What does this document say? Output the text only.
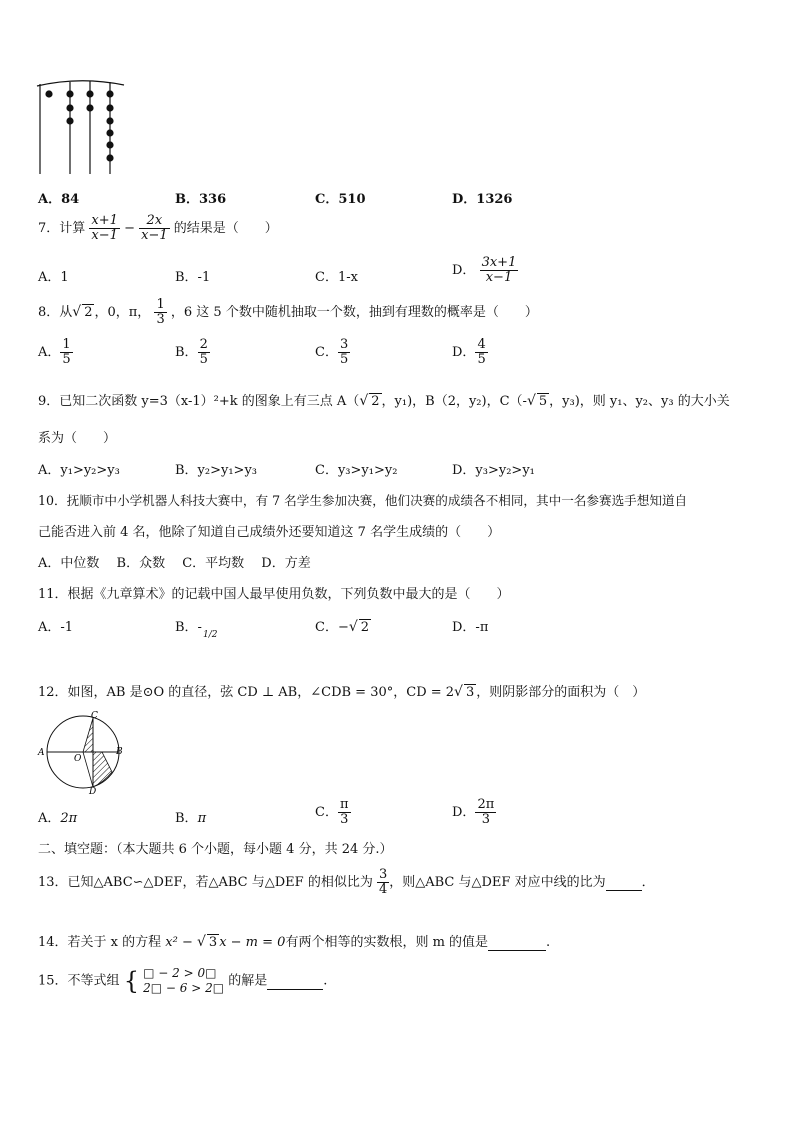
A．84	B．336	C．510	D．1326
7．计算 $\frac{x+1}{x-1} - \frac{2x}{x-1}$ 的结果是（　　）
A．1	B．-1	C．1-x	D． $\frac{3x+1}{x-1}$
8．从√ 2 ，0，π， $\frac{1}{3}$ ，6 这 5 个数中随机抽取一个数，抽到有理数的概率是（　　）
A． $\frac{1}{5}$	B． $\frac{2}{5}$	C． $\frac{3}{5}$	D． $\frac{4}{5}$
9．已知二次函数 y=3（x-1）²+k 的图象上有三点 A（√ 2 ，y₁)，B（2，y₂)，C（-√ 5 ，y₃)，则 y₁、y₂、y₃ 的大小关
系为（　　）
A．y₁>y₂>y₃	B．y₂>y₁>y₃	C．y₃>y₁>y₂	D．y₃>y₂>y₁
10．抚顺市中小学机器人科技大赛中，有 7 名学生参加决赛，他们决赛的成绩各不相同，其中一名参赛选手想知道自
己能否进入前 4 名，他除了知道自己成绩外还要知道这 7 名学生成绩的（　　）
A．中位数　 B．众数　 C．平均数　 D．方差
11．根据《九章算术》的记载中国人最早使用负数，下列负数中最大的是（　　）
A．-1	B．- 1/2	C．−√ 2	D．-π
12．如图，AB 是⊙O 的直径，弦 CD ⊥ AB，∠CDB = 30°，CD = 2√ 3 ，则阴影部分的面积为（　）
C
A
O
B
D
A．2π	B．π	C． $\frac{\pi}{3}$	D． $\frac{2\pi}{3}$
二、填空题：（本大题共 6 个小题，每小题 4 分，共 24 分.）
13．已知△ABC∽△DEF，若△ABC 与△DEF 的相似比为 $\frac{3}{4}$ ，则△ABC 与△DEF 对应中线的比为	．
14．若关于 x 的方程 x² − √ 3 x − m = 0有两个相等的实数根，则 m 的值是	.
15．不等式组 { □ − 2 > 0□
2□ − 6 > 2□ 的解是	.
